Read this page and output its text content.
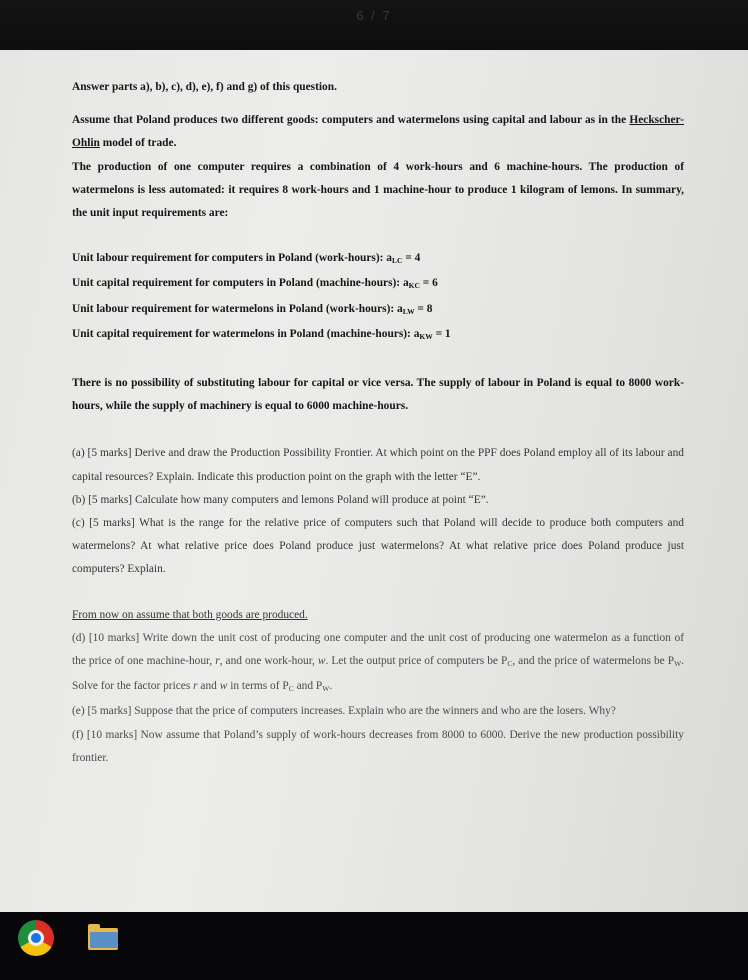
6 / 7

Answer parts a), b), c), d), e), f) and g) of this question.

Assume that Poland produces two different goods: computers and watermelons using capital and labour as in the Heckscher-Ohlin model of trade.

The production of one computer requires a combination of 4 work-hours and 6 machine-hours. The production of watermelons is less automated: it requires 8 work-hours and 1 machine-hour to produce 1 kilogram of lemons. In summary, the unit input requirements are:

Unit labour requirement for computers in Poland (work-hours): $a_{LC} = 4$

Unit capital requirement for computers in Poland (machine-hours): $a_{KC} = 6$

Unit labour requirement for watermelons in Poland (work-hours): $a_{LW} = 8$

Unit capital requirement for watermelons in Poland (machine-hours): $a_{KW} = 1$

There is no possibility of substituting labour for capital or vice versa. The supply of labour in Poland is equal to 8000 work-hours, while the supply of machinery is equal to 6000 machine-hours.

(a) [5 marks] Derive and draw the Production Possibility Frontier. At which point on the PPF does Poland employ all of its labour and capital resources? Explain. Indicate this production point on the graph with the letter “E”.

(b) [5 marks] Calculate how many computers and lemons Poland will produce at point “E”.

(c) [5 marks] What is the range for the relative price of computers such that Poland will decide to produce both computers and watermelons? At what relative price does Poland produce just watermelons? At what relative price does Poland produce just computers? Explain.

From now on assume that both goods are produced.

(d) [10 marks] Write down the unit cost of producing one computer and the unit cost of producing one watermelon as a function of the price of one machine-hour, r, and one work-hour, w. Let the output price of computers be $P_C$, and the price of watermelons be $P_W$. Solve for the factor prices r and w in terms of $P_C$ and $P_W$.

(e) [5 marks] Suppose that the price of computers increases. Explain who are the winners and who are the losers. Why?

(f) [10 marks] Now assume that Poland’s supply of work-hours decreases from 8000 to 6000. Derive the new production possibility frontier.
